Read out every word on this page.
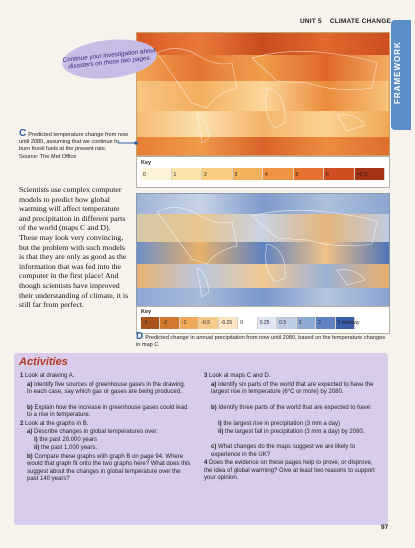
UNIT 5 CLIMATE CHANGE
FRAMEWORK
Continue your investigation about disasters on these two pages.
C Predicted temperature change from now until 2080, assuming that we continue to burn fossil fuels at the present rate.
Source: The Met Office
Key
0	1	2	3	4	5	6	>6°C
Scientists use complex computer models to predict how global warming will affect temperature and precipitation in different parts of the world (maps C and D). These may look very convincing, but the problem with such models is that they are only as good as the information that was fed into the computer in the first place! And though scientists have improved their understanding of climate, it is still far from perfect.
Key
-3	-2	-1	-0.5 -0.25 0	0.25 0.5	1	2	3 mm/day
D Predicted change in annual precipitation from now until 2080, based on the temperature changes in map C
Activities
1 Look at drawing A.
a) Identify five sources of greenhouse gases in the drawing. In each case, say which gas or gases are being produced.
b) Explain how the increase in greenhouse gases could lead to a rise in temperature.
2 Look at the graphs in B.
a) Describe changes in global temperatures over:
i) the past 20,000 years
ii) the past 1,000 years.
b) Compare these graphs with graph B on page 94. Where would that graph fit onto the two graphs here? What does this suggest about the changes in global temperature over the past 140 years?
3 Look at maps C and D.
a) Identify six parts of the world that are expected to have the largest rise in temperature (6°C or more) by 2080.
b) Identify three parts of the world that are expected to have:
i) the largest rise in precipitation (3 mm a day)
ii) the largest fall in precipitation (3 mm a day) by 2080.
c) What changes do the maps suggest we are likely to experience in the UK?
4 Does the evidence on these pages help to prove, or disprove, the idea of global warming? Give at least two reasons to support your opinion.
97
